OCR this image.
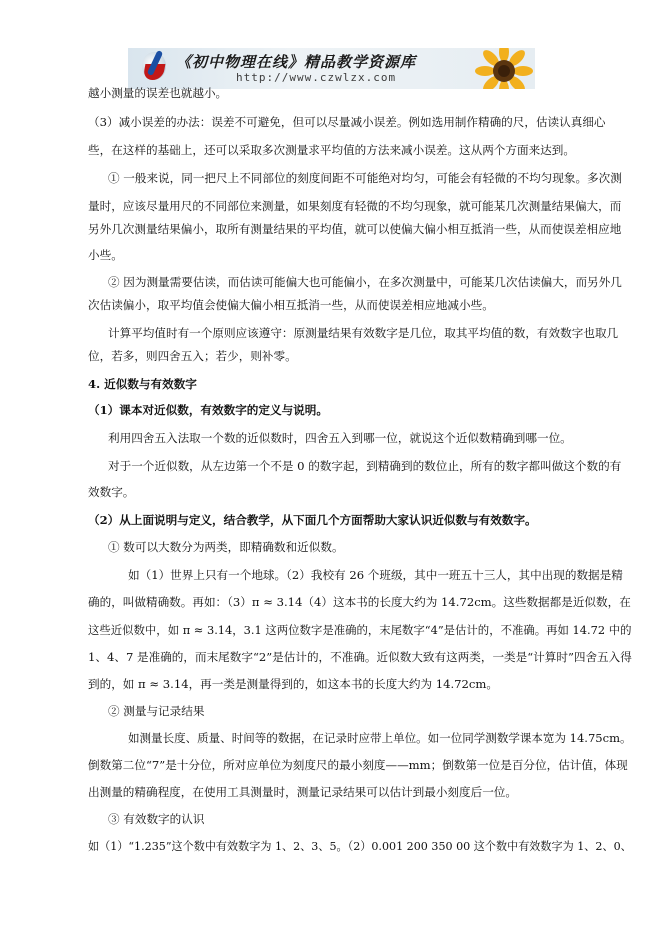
《初中物理在线》精品教学资源库
http://www.czwlzx.com
越小测量的误差也就越小。
（3）减小误差的办法：误差不可避免，但可以尽量减小误差。例如选用制作精确的尺，估读认真细心
些，在这样的基础上，还可以采取多次测量求平均值的方法来减小误差。这从两个方面来达到。
① 一般来说，同一把尺上不同部位的刻度间距不可能绝对均匀，可能会有轻微的不均匀现象。多次测
量时，应该尽量用尺的不同部位来测量，如果刻度有轻微的不均匀现象，就可能某几次测量结果偏大，而
另外几次测量结果偏小，取所有测量结果的平均值，就可以使偏大偏小相互抵消一些，从而使误差相应地
小些。
② 因为测量需要估读，而估读可能偏大也可能偏小，在多次测量中，可能某几次估读偏大，而另外几
次估读偏小，取平均值会使偏大偏小相互抵消一些，从而使误差相应地减小些。
计算平均值时有一个原则应该遵守：原测量结果有效数字是几位，取其平均值的数，有效数字也取几
位，若多，则四舍五入；若少，则补零。
4. 近似数与有效数字
（1）课本对近似数，有效数字的定义与说明。
利用四舍五入法取一个数的近似数时，四舍五入到哪一位，就说这个近似数精确到哪一位。
对于一个近似数，从左边第一个不是 0 的数字起，到精确到的数位止，所有的数字都叫做这个数的有
效数字。
（2）从上面说明与定义，结合教学，从下面几个方面帮助大家认识近似数与有效数字。
① 数可以大数分为两类，即精确数和近似数。
如（1）世界上只有一个地球。（2）我校有 26 个班级，其中一班五十三人，其中出现的数据是精
确的，叫做精确数。再如：（3）π ≈ 3.14（4）这本书的长度大约为 14.72cm。这些数据都是近似数，在
这些近似数中，如 π ≈ 3.14，3.1 这两位数字是准确的，末尾数字“4”是估计的，不准确。再如 14.72 中的
1、4、7 是准确的，而末尾数字“2”是估计的，不准确。近似数大致有这两类，一类是“计算时”四舍五入得
到的，如 π ≈ 3.14，再一类是测量得到的，如这本书的长度大约为 14.72cm。
② 测量与记录结果
如测量长度、质量、时间等的数据，在记录时应带上单位。如一位同学测数学课本宽为 14.75cm。
倒数第二位“7”是十分位，所对应单位为刻度尺的最小刻度——mm；倒数第一位是百分位，估计值，体现
出测量的精确程度，在使用工具测量时，测量记录结果可以估计到最小刻度后一位。
③ 有效数字的认识
如（1）“1.235”这个数中有效数字为 1、2、3、5。（2）0.001 200 350 00 这个数中有效数字为 1、2、0、
